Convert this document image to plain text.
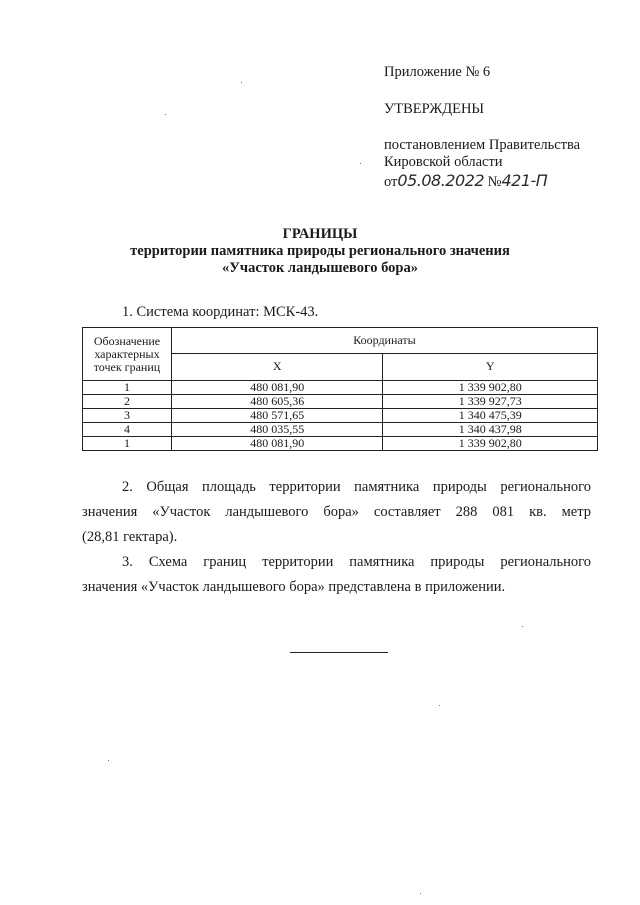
Приложение № 6
УТВЕРЖДЕНЫ
постановлением Правительства
Кировской области
от05.08.2022 №421-П
ГРАНИЦЫ
территории памятника природы регионального значения
«Участок ландышевого бора»
1. Система координат: МСК-43.
Обозначение характерных точек границ	Координаты	
	X	Y
1	480 081,90	1 339 902,80
2	480 605,36	1 339 927,73
3	480 571,65	1 340 475,39
4	480 035,55	1 340 437,98
1	480 081,90	1 339 902,80
2. Общая площадь территории памятника природы регионального
значения «Участок ландышевого бора» составляет 288 081 кв. метр
(28,81 гектара).
3. Схема границ территории памятника природы регионального
значения «Участок ландышевого бора» представлена в приложении.
